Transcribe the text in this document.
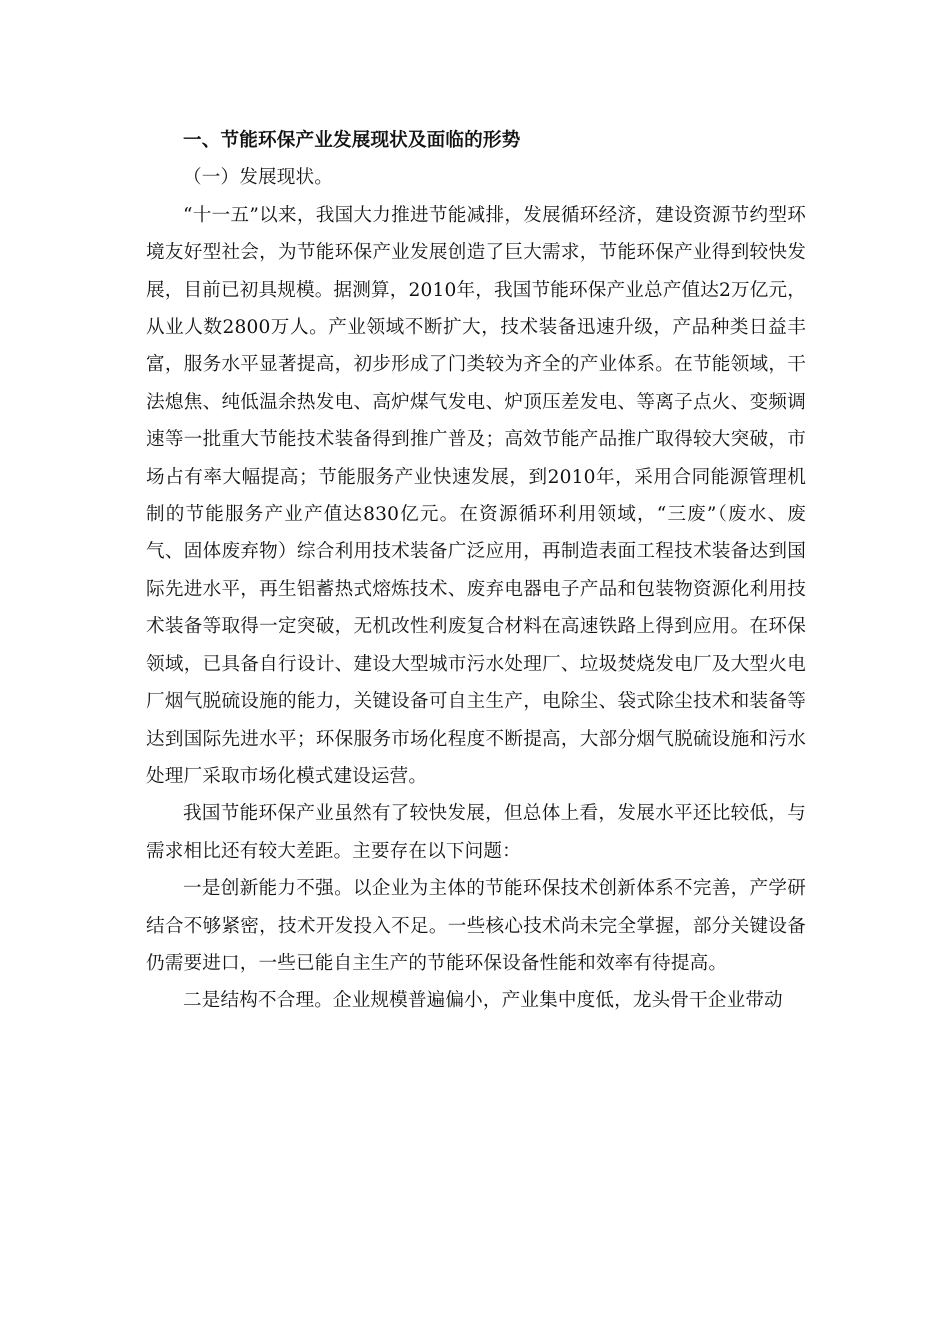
一、节能环保产业发展现状及面临的形势

（一）发展现状。

“十一五”以来，我国大力推进节能减排，发展循环经济，建设资源节约型环境友好型社会，为节能环保产业发展创造了巨大需求，节能环保产业得到较快发展，目前已初具规模。据测算，2010年，我国节能环保产业总产值达2万亿元，从业人数2800万人。产业领域不断扩大，技术装备迅速升级，产品种类日益丰富，服务水平显著提高，初步形成了门类较为齐全的产业体系。在节能领域，干法熄焦、纯低温余热发电、高炉煤气发电、炉顶压差发电、等离子点火、变频调速等一批重大节能技术装备得到推广普及；高效节能产品推广取得较大突破，市场占有率大幅提高；节能服务产业快速发展，到2010年，采用合同能源管理机制的节能服务产业产值达830亿元。在资源循环利用领域，“三废”（废水、废气、固体废弃物）综合利用技术装备广泛应用，再制造表面工程技术装备达到国际先进水平，再生铝蓄热式熔炼技术、废弃电器电子产品和包装物资源化利用技术装备等取得一定突破，无机改性利废复合材料在高速铁路上得到应用。在环保领域，已具备自行设计、建设大型城市污水处理厂、垃圾焚烧发电厂及大型火电厂烟气脱硫设施的能力，关键设备可自主生产，电除尘、袋式除尘技术和装备等达到国际先进水平；环保服务市场化程度不断提高，大部分烟气脱硫设施和污水处理厂采取市场化模式建设运营。

我国节能环保产业虽然有了较快发展，但总体上看，发展水平还比较低，与需求相比还有较大差距。主要存在以下问题：

一是创新能力不强。以企业为主体的节能环保技术创新体系不完善，产学研结合不够紧密，技术开发投入不足。一些核心技术尚未完全掌握，部分关键设备仍需要进口，一些已能自主生产的节能环保设备性能和效率有待提高。

二是结构不合理。企业规模普遍偏小，产业集中度低，龙头骨干企业带动
